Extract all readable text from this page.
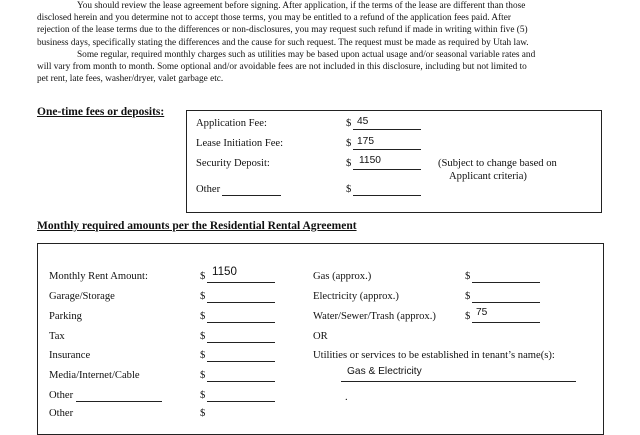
You should review the lease agreement before signing. After application, if the terms of the lease are different than those
disclosed herein and you determine not to accept those terms, you may be entitled to a refund of the application fees paid. After
rejection of the lease terms due to the differences or non-disclosures, you may request such refund if made in writing within five (5)
business days, specifically stating the differences and the cause for such request. The request must be made as required by Utah law.
Some regular, required monthly charges such as utilities may be based upon actual usage and/or seasonal variable rates and
will vary from month to month. Some optional and/or avoidable fees are not included in this disclosure, including but not limited to
pet rent, late fees, washer/dryer, valet garbage etc.
One-time fees or deposits:
Application Fee:	$ 45
Lease Initiation Fee:	$ 175
Security Deposit:	$ 1150
Other	$
(Subject to change based on
Applicant criteria)
Monthly required amounts per the Residential Rental Agreement
Monthly Rent Amount:	$ 1150
Garage/Storage	$
Parking	$
Tax	$
Insurance	$
Media/Internet/Cable	$
Other	$
Other	$
Gas (approx.)	$
Electricity (approx.)	$
Water/Sewer/Trash (approx.)	$ 75
OR
Utilities or services to be established in tenant’s name(s):
Gas & Electricity
.
